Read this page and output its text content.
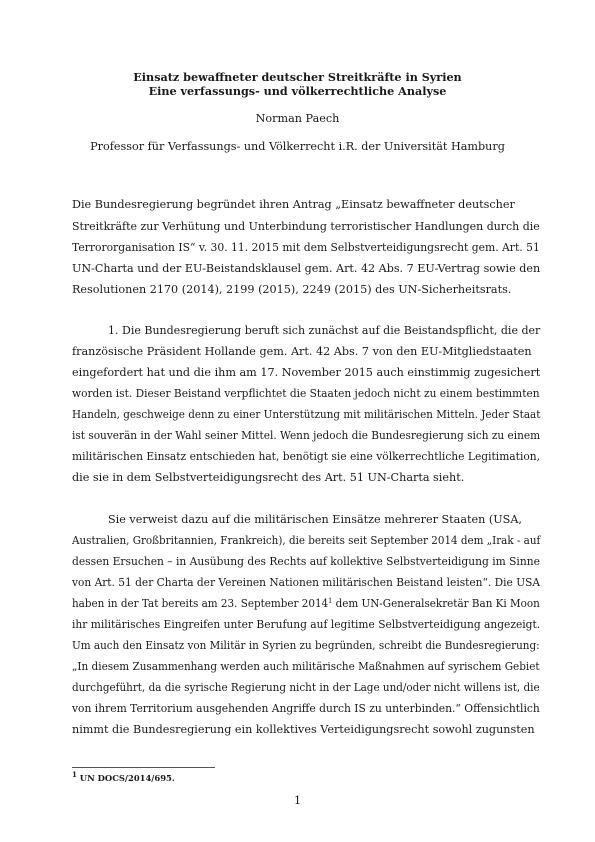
Einsatz bewaffneter deutscher Streitkräfte in Syrien
Eine verfassungs- und völkerrechtliche Analyse
Norman Paech
Professor für Verfassungs- und Völkerrecht i.R. der Universität Hamburg
Die Bundesregierung begründet ihren Antrag „Einsatz bewaffneter deutscher
Streitkräfte zur Verhütung und Unterbindung terroristischer Handlungen durch die
Terrororganisation IS“ v. 30. 11. 2015 mit dem Selbstverteidigungsrecht gem. Art. 51
UN-Charta und der EU-Beistandsklausel gem. Art. 42 Abs. 7 EU-Vertrag sowie den
Resolutionen 2170 (2014), 2199 (2015), 2249 (2015) des UN-Sicherheitsrats.
1. Die Bundesregierung beruft sich zunächst auf die Beistandspflicht, die der
französische Präsident Hollande gem. Art. 42 Abs. 7 von den EU-Mitgliedstaaten
eingefordert hat und die ihm am 17. November 2015 auch einstimmig zugesichert
worden ist. Dieser Beistand verpflichtet die Staaten jedoch nicht zu einem bestimmten
Handeln, geschweige denn zu einer Unterstützung mit militärischen Mitteln. Jeder Staat
ist souverän in der Wahl seiner Mittel. Wenn jedoch die Bundesregierung sich zu einem
militärischen Einsatz entschieden hat, benötigt sie eine völkerrechtliche Legitimation,
die sie in dem Selbstverteidigungsrecht des Art. 51 UN-Charta sieht.
Sie verweist dazu auf die militärischen Einsätze mehrerer Staaten (USA,
Australien, Großbritannien, Frankreich), die bereits seit September 2014 dem „Irak - auf
dessen Ersuchen – in Ausübung des Rechts auf kollektive Selbstverteidigung im Sinne
von Art. 51 der Charta der Vereinen Nationen militärischen Beistand leisten“. Die USA
haben in der Tat bereits am 23. September 2014$^1$ dem UN-Generalsekretär Ban Ki Moon
ihr militärisches Eingreifen unter Berufung auf legitime Selbstverteidigung angezeigt.
Um auch den Einsatz von Militär in Syrien zu begründen, schreibt die Bundesregierung:
„In diesem Zusammenhang werden auch militärische Maßnahmen auf syrischem Gebiet
durchgeführt, da die syrische Regierung nicht in der Lage und/oder nicht willens ist, die
von ihrem Territorium ausgehenden Angriffe durch IS zu unterbinden.“ Offensichtlich
nimmt die Bundesregierung ein kollektives Verteidigungsrecht sowohl zugunsten
$^1$ UN DOCS/2014/695.
1
